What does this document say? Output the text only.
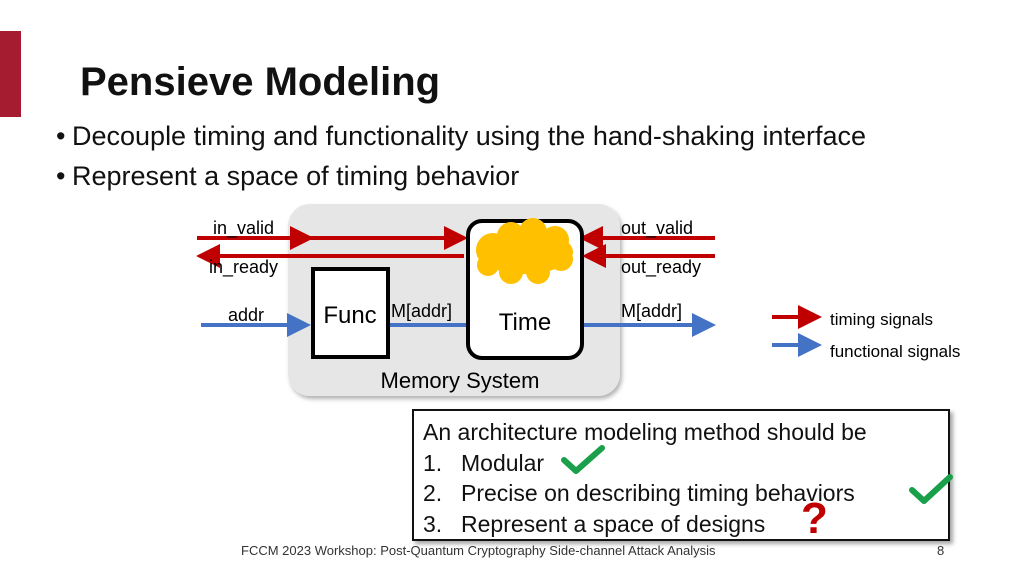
Pensieve Modeling
• Decouple timing and functionality using the hand-shaking interface
• Represent a space of timing behavior
Func	Time
in_valid
in_ready
out_valid
out_ready
addr	M[addr]	M[addr]
Memory System
timing signals
functional signals
An architecture modeling method should be
1. Modular
2. Precise on describing timing behaviors
3. Represent a space of designs ?
FCCM 2023 Workshop: Post-Quantum Cryptography Side-channel Attack Analysis	8
